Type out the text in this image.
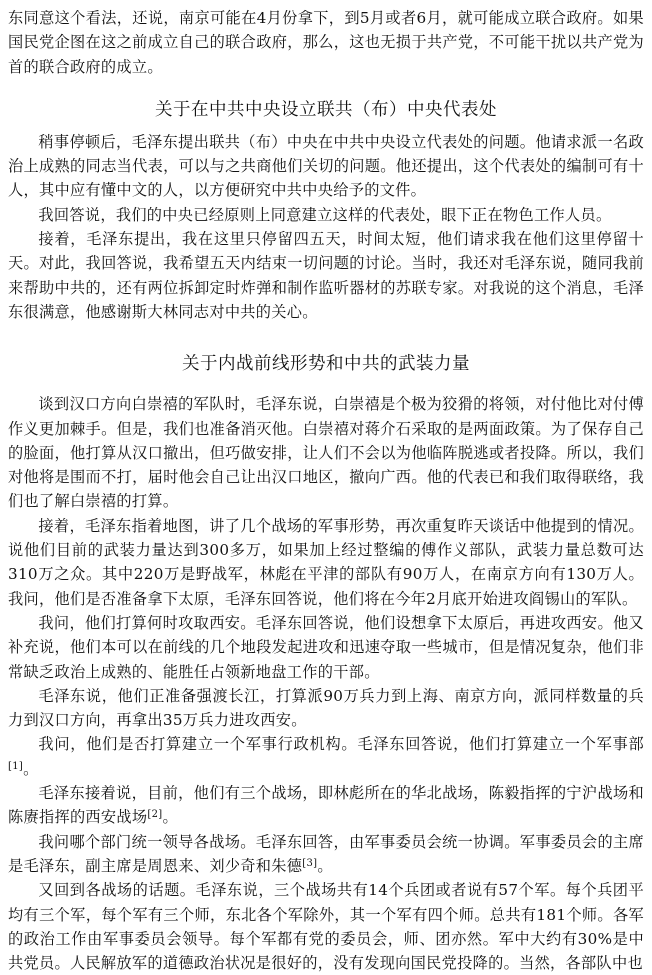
东同意这个看法，还说，南京可能在4月份拿下，到5月或者6月，就可能成立联合政府。如果国民党企图在这之前成立自己的联合政府，那么，这也无损于共产党，不可能干扰以共产党为首的联合政府的成立。

关于在中共中央设立联共（布）中央代表处

稍事停顿后，毛泽东提出联共（布）中央在中共中央设立代表处的问题。他请求派一名政治上成熟的同志当代表，可以与之共商他们关切的问题。他还提出，这个代表处的编制可有十人，其中应有懂中文的人，以方便研究中共中央给予的文件。

我回答说，我们的中央已经原则上同意建立这样的代表处，眼下正在物色工作人员。

接着，毛泽东提出，我在这里只停留四五天，时间太短，他们请求我在他们这里停留十天。对此，我回答说，我希望五天内结束一切问题的讨论。当时，我还对毛泽东说，随同我前来帮助中共的，还有两位拆卸定时炸弹和制作监听器材的苏联专家。对我说的这个消息，毛泽东很满意，他感谢斯大林同志对中共的关心。

关于内战前线形势和中共的武装力量

谈到汉口方向白崇禧的军队时，毛泽东说，白崇禧是个极为狡猾的将领，对付他比对付傅作义更加棘手。但是，我们也准备消灭他。白崇禧对蒋介石采取的是两面政策。为了保存自己的脸面，他打算从汉口撤出，但巧做安排，让人们不会以为他临阵脱逃或者投降。所以，我们对他将是围而不打，届时他会自己让出汉口地区，撤向广西。他的代表已和我们取得联络，我们也了解白崇禧的打算。

接着，毛泽东指着地图，讲了几个战场的军事形势，再次重复昨天谈话中他提到的情况。说他们目前的武装力量达到300多万，如果加上经过整编的傅作义部队，武装力量总数可达310万之众。其中220万是野战军，林彪在平津的部队有90万人，在南京方向有130万人。我问，他们是否准备拿下太原，毛泽东回答说，他们将在今年2月底开始进攻阎锡山的军队。

我问，他们打算何时攻取西安。毛泽东回答说，他们设想拿下太原后，再进攻西安。他又补充说，他们本可以在前线的几个地段发起进攻和迅速夺取一些城市，但是情况复杂，他们非常缺乏政治上成熟的、能胜任占领新地盘工作的干部。

毛泽东说，他们正准备强渡长江，打算派90万兵力到上海、南京方向，派同样数量的兵力到汉口方向，再拿出35万兵力进攻西安。

我问，他们是否打算建立一个军事行政机构。毛泽东回答说，他们打算建立一个军事部[1]。

毛泽东接着说，目前，他们有三个战场，即林彪所在的华北战场，陈毅指挥的宁沪战场和陈赓指挥的西安战场[2]。

我问哪个部门统一领导各战场。毛泽东回答，由军事委员会统一协调。军事委员会的主席是毛泽东，副主席是周恩来、刘少奇和朱德[3]。

又回到各战场的话题。毛泽东说，三个战场共有14个兵团或者说有57个军。每个兵团平均有三个军，每个军有三个师，东北各个军除外，其一个军有四个师。总共有181个师。各军的政治工作由军事委员会领导。每个军都有党的委员会，师、团亦然。军中大约有30%是中共党员。人民解放军的道德政治状况是很好的，没有发现向国民党投降的。当然，各部队中也
